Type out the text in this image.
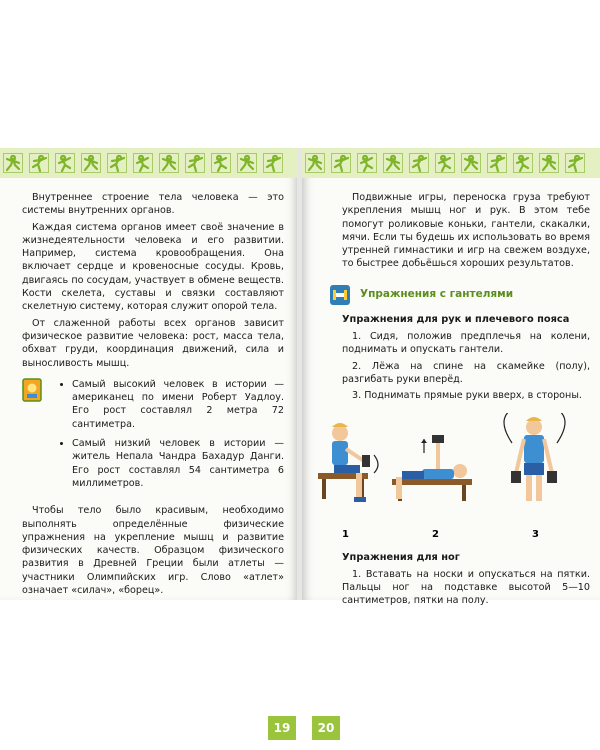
Внутреннее строение тела человека — это системы внутренних органов.

Каждая система органов имеет своё значение в жизнедеятельности человека и его развитии. Например, система кровообращения. Она включает сердце и кровеносные сосуды. Кровь, двигаясь по сосудам, участвует в обмене веществ. Кости скелета, суставы и связки составляют скелетную систему, которая служит опорой тела.

От слаженной работы всех органов зависит физическое развитие человека: рост, масса тела, обхват груди, координация движений, сила и выносливость мышц.

• Самый высокий человек в истории — американец по имени Роберт Уадлоу. Его рост составлял 2 метра 72 сантиметра.
• Самый низкий человек в истории — житель Непала Чандра Бахадур Данги. Его рост составлял 54 сантиметра 6 миллиметров.

Чтобы тело было красивым, необходимо выполнять определённые физические упражнения на укрепление мышц и развитие физических качеств. Образцом физического развития в Древней Греции были атлеты — участники Олимпийских игр. Слово «атлет» означает «силач», «борец».

19

Подвижные игры, переноска груза требуют укрепления мышц ног и рук. В этом тебе помогут роликовые коньки, гантели, скакалки, мячи. Если ты будешь их использовать во время утренней гимнастики и игр на свежем воздухе, то быстрее добьёшься хороших результатов.

Упражнения с гантелями
Упражнения для рук и плечевого пояса

1. Сидя, положив предплечья на колени, поднимать и опускать гантели.

2. Лёжа на спине на скамейке (полу), разгибать руки вперёд.

3. Поднимать прямые руки вверх, в стороны.

1	2	3
Упражнения для ног

1. Вставать на носки и опускаться на пятки. Пальцы ног на подставке высотой 5—10 сантиметров, пятки на полу.

20
